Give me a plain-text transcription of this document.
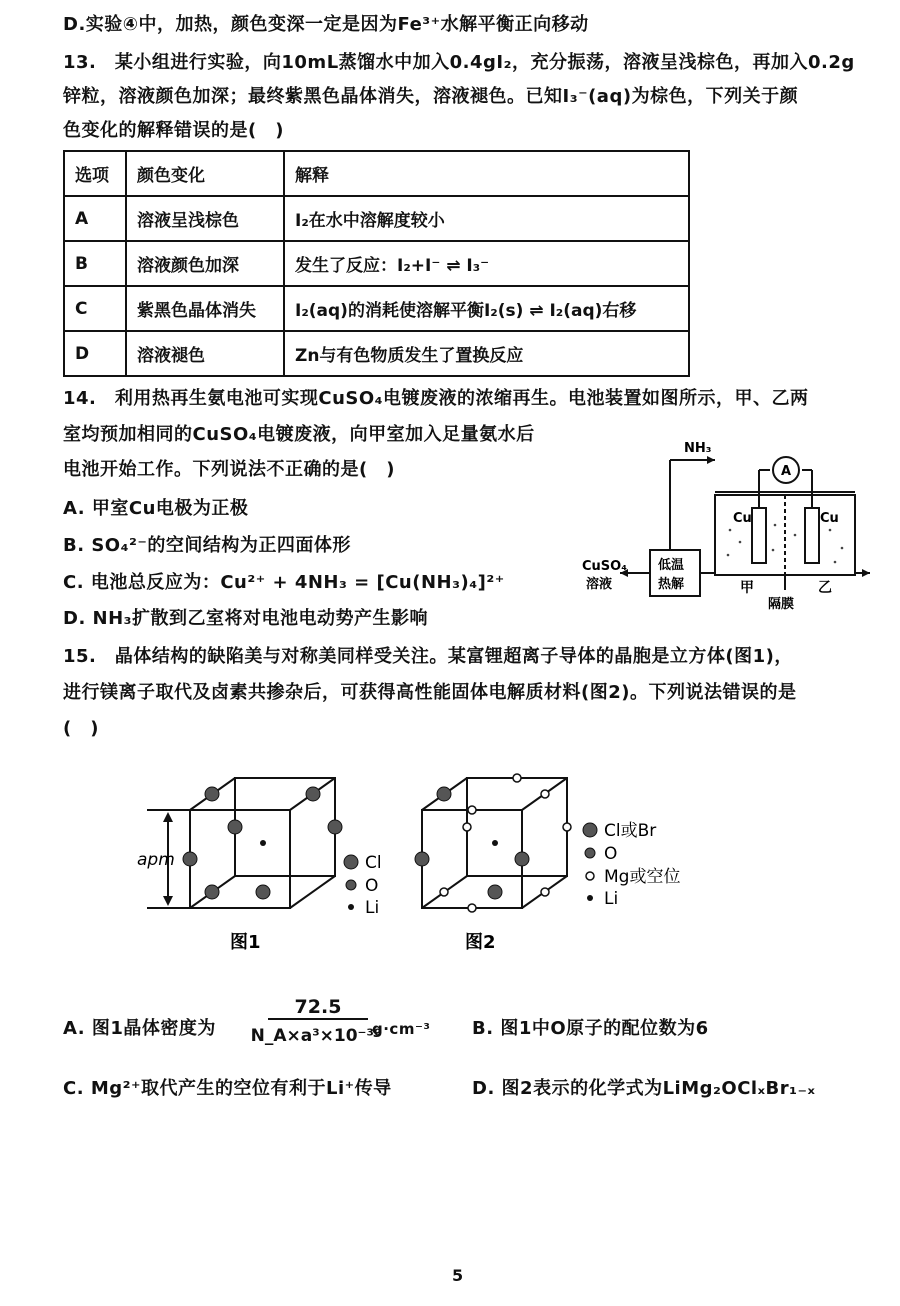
D.实验④中，加热，颜色变深一定是因为Fe³⁺水解平衡正向移动
13.　某小组进行实验，向10mL蒸馏水中加入0.4gI₂，充分振荡，溶液呈浅棕色，再加入0.2g
锌粒，溶液颜色加深；最终紫黑色晶体消失，溶液褪色。已知I₃⁻(aq)为棕色，下列关于颜
色变化的解释错误的是(　)
选项	颜色变化	解释
A	溶液呈浅棕色	I₂在水中溶解度较小
B	溶液颜色加深	发生了反应：I₂+I⁻ ⇌ I₃⁻
C	紫黑色晶体消失	I₂(aq)的消耗使溶解平衡I₂(s) ⇌ I₂(aq)右移
D	溶液褪色	Zn与有色物质发生了置换反应
14.　利用热再生氨电池可实现CuSO₄电镀废液的浓缩再生。电池装置如图所示，甲、乙两
室均预加相同的CuSO₄电镀废液，向甲室加入足量氨水后
电池开始工作。下列说法不正确的是(　)
A. 甲室Cu电极为正极
B. SO₄²⁻的空间结构为正四面体形
C. 电池总反应为：Cu²⁺ + 4NH₃ = [Cu(NH₃)₄]²⁺
D. NH₃扩散到乙室将对电池电动势产生影响
NH₃
A
Cu	Cu
CuSO₄
溶液
低温
热解	甲	乙
隔膜
15.　晶体结构的缺陷美与对称美同样受关注。某富锂超离子导体的晶胞是立方体(图1)，
进行镁离子取代及卤素共掺杂后，可获得高性能固体电解质材料(图2)。下列说法错误的是
(　)
apm	Cl
O
Li
图1
Cl或Br
O
Mg或空位
Li
图2
A. 图1晶体密度为
72.5
N_A×a³×10⁻³⁰
g·cm⁻³ B. 图1中O原子的配位数为6
C. Mg²⁺取代产生的空位有利于Li⁺传导	D. 图2表示的化学式为LiMg₂OClₓBr₁₋ₓ
5
